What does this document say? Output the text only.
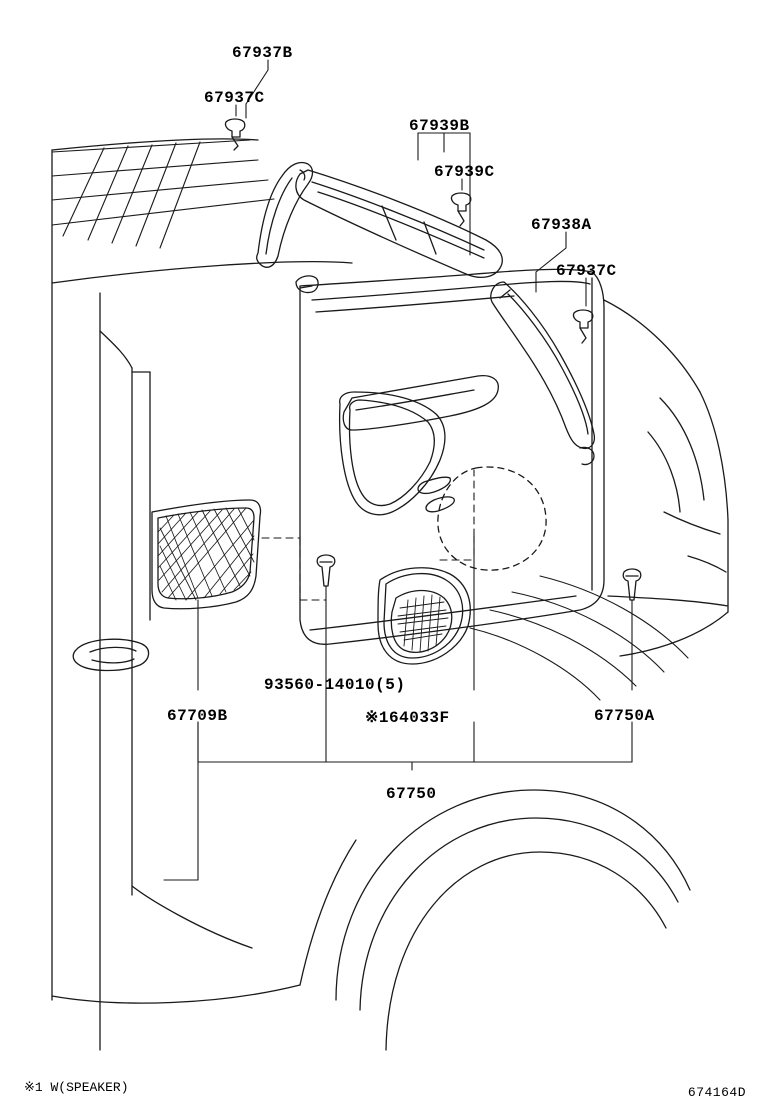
67937B
67937C
67939B
67939C
67938A
67937C
93560-14010(5)
67709B	※164033F	67750A
67750
※1 W(SPEAKER)	674164D
